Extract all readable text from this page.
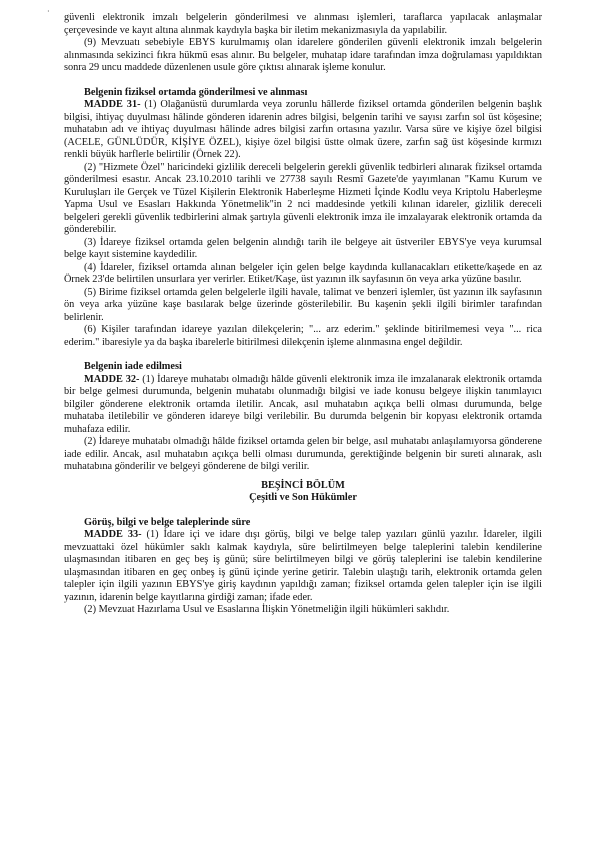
·

güvenli elektronik imzalı belgelerin gönderilmesi ve alınması işlemleri, taraflarca yapılacak anlaşmalar çerçevesinde ve kayıt altına alınmak kaydıyla başka bir iletim mekanizmasıyla da yapılabilir.

(9) Mevzuatı sebebiyle EBYS kurulmamış olan idarelere gönderilen güvenli elektronik imzalı belgelerin alınmasında sekizinci fıkra hükmü esas alınır. Bu belgeler, muhatap idare tarafından imza doğrulaması yapıldıktan sonra 29 uncu maddede düzenlenen usule göre çıktısı alınarak işleme konulur.

Belgenin fiziksel ortamda gönderilmesi ve alınması

MADDE 31- (1) Olağanüstü durumlarda veya zorunlu hâllerde fiziksel ortamda gönderilen belgenin başlık bilgisi, ihtiyaç duyulması hâlinde gönderen idarenin adres bilgisi, belgenin tarihi ve sayısı zarfın sol üst köşesine; muhatabın adı ve ihtiyaç duyulması hâlinde adres bilgisi zarfın ortasına yazılır. Varsa süre ve kişiye özel bilgisi (ACELE, GÜNLÜDÜR, KİŞİYE ÖZEL), kişiye özel bilgisi üstte olmak üzere, zarfın sağ üst köşesinde kırmızı renkli büyük harflerle belirtilir (Örnek 22).

(2) "Hizmete Özel" haricindeki gizlilik dereceli belgelerin gerekli güvenlik tedbirleri alınarak fiziksel ortamda gönderilmesi esastır. Ancak 23.10.2010 tarihli ve 27738 sayılı Resmî Gazete'de yayımlanan "Kamu Kurum ve Kuruluşları ile Gerçek ve Tüzel Kişilerin Elektronik Haberleşme Hizmeti İçinde Kodlu veya Kriptolu Haberleşme Yapma Usul ve Esasları Hakkında Yönetmelik"in 2 nci maddesinde yetkili kılınan idareler, gizlilik dereceli belgeleri gerekli güvenlik tedbirlerini almak şartıyla güvenli elektronik imza ile imzalayarak elektronik ortamda da gönderebilir.

(3) İdareye fiziksel ortamda gelen belgenin alındığı tarih ile belgeye ait üstveriler EBYS'ye veya kurumsal belge kayıt sistemine kaydedilir.

(4) İdareler, fiziksel ortamda alınan belgeler için gelen belge kaydında kullanacakları etikette/kaşede en az Örnek 23'de belirtilen unsurlara yer verirler. Etiket/Kaşe, üst yazının ilk sayfasının ön veya arka yüzüne basılır.

(5) Birime fiziksel ortamda gelen belgelerle ilgili havale, talimat ve benzeri işlemler, üst yazının ilk sayfasının ön veya arka yüzüne kaşe basılarak belge üzerinde gösterilebilir. Bu kaşenin şekli ilgili birimler tarafından belirlenir.

(6) Kişiler tarafından idareye yazılan dilekçelerin; "... arz ederim." şeklinde bitirilmemesi veya "... rica ederim." ibaresiyle ya da başka ibarelerle bitirilmesi dilekçenin işleme alınmasına engel değildir.

Belgenin iade edilmesi

MADDE 32- (1) İdareye muhatabı olmadığı hâlde güvenli elektronik imza ile imzalanarak elektronik ortamda bir belge gelmesi durumunda, belgenin muhatabı olunmadığı bilgisi ve iade konusu belgeye ilişkin tanımlayıcı bilgiler gönderene elektronik ortamda iletilir. Ancak, asıl muhatabın açıkça belli olması durumunda, belge muhataba iletilebilir ve gönderen idareye bilgi verilebilir. Bu durumda belgenin bir kopyası elektronik ortamda muhafaza edilir.

(2) İdareye muhatabı olmadığı hâlde fiziksel ortamda gelen bir belge, asıl muhatabı anlaşılamıyorsa gönderene iade edilir. Ancak, asıl muhatabın açıkça belli olması durumunda, gerektiğinde belgenin bir sureti alınarak, aslı muhatabına gönderilir ve belgeyi gönderene de bilgi verilir.

BEŞİNCİ BÖLÜM

Çeşitli ve Son Hükümler

Görüş, bilgi ve belge taleplerinde süre

MADDE 33- (1) İdare içi ve idare dışı görüş, bilgi ve belge talep yazıları günlü yazılır. İdareler, ilgili mevzuattaki özel hükümler saklı kalmak kaydıyla, süre belirtilmeyen belge taleplerini talebin kendilerine ulaşmasından itibaren en geç beş iş günü; süre belirtilmeyen bilgi ve görüş taleplerini ise talebin kendilerine ulaşmasından itibaren en geç onbeş iş günü içinde yerine getirir. Talebin ulaştığı tarih, elektronik ortamda gelen talepler için ilgili yazının EBYS'ye giriş kaydının yapıldığı zaman; fiziksel ortamda gelen talepler için ise ilgili yazının, idarenin belge kayıtlarına girdiği zaman; ifade eder.

(2) Mevzuat Hazırlama Usul ve Esaslarına İlişkin Yönetmeliğin ilgili hükümleri saklıdır.
